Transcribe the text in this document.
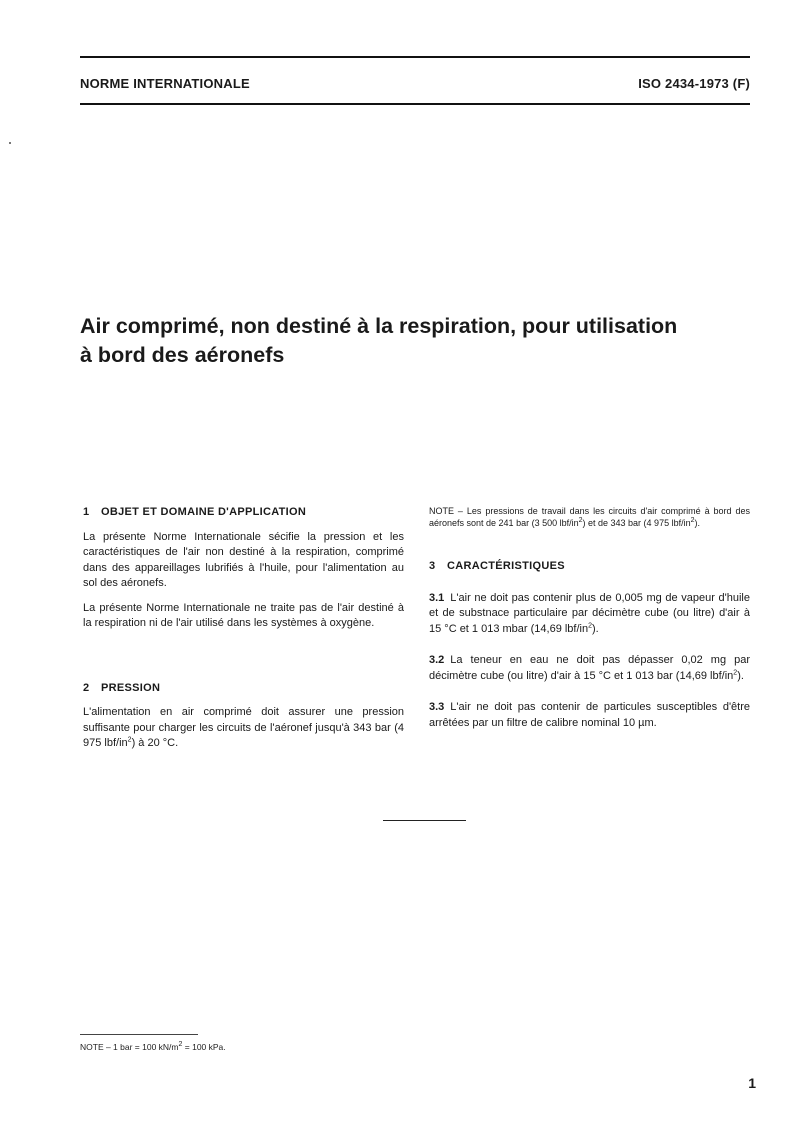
NORME INTERNATIONALE	ISO 2434-1973 (F)
Air comprimé, non destiné à la respiration, pour utilisation
à bord des aéronefs
1 OBJET ET DOMAINE D'APPLICATION

La présente Norme Internationale sécifie la pression et les caractéristiques de l'air non destiné à la respiration, comprimé dans des appareillages lubrifiés à l'huile, pour l'alimentation au sol des aéronefs.

La présente Norme Internationale ne traite pas de l'air destiné à la respiration ni de l'air utilisé dans les systèmes à oxygène.

2 PRESSION

L'alimentation en air comprimé doit assurer une pression suffisante pour charger les circuits de l'aéronef jusqu'à 343 bar (4 975 lbf/$in^2$) à 20 °C.

NOTE – Les pressions de travail dans les circuits d'air comprimé à bord des aéronefs sont de 241 bar (3 500 lbf/$in^2$) et de 343 bar (4 975 lbf/$in^2$).

3 CARACTÉRISTIQUES

3.1 L'air ne doit pas contenir plus de 0,005 mg de vapeur d'huile et de substnace particulaire par décimètre cube (ou litre) d'air à 15 °C et 1 013 mbar (14,69 lbf/$in^2$).

3.2 La teneur en eau ne doit pas dépasser 0,02 mg par décimètre cube (ou litre) d'air à 15 °C et 1 013 bar (14,69 lbf/$in^2$).

3.3 L'air ne doit pas contenir de particules susceptibles d'être arrêtées par un filtre de calibre nominal 10 µm.

NOTE – 1 bar = 100 $kN/m^2 = 100$ kPa.
1
